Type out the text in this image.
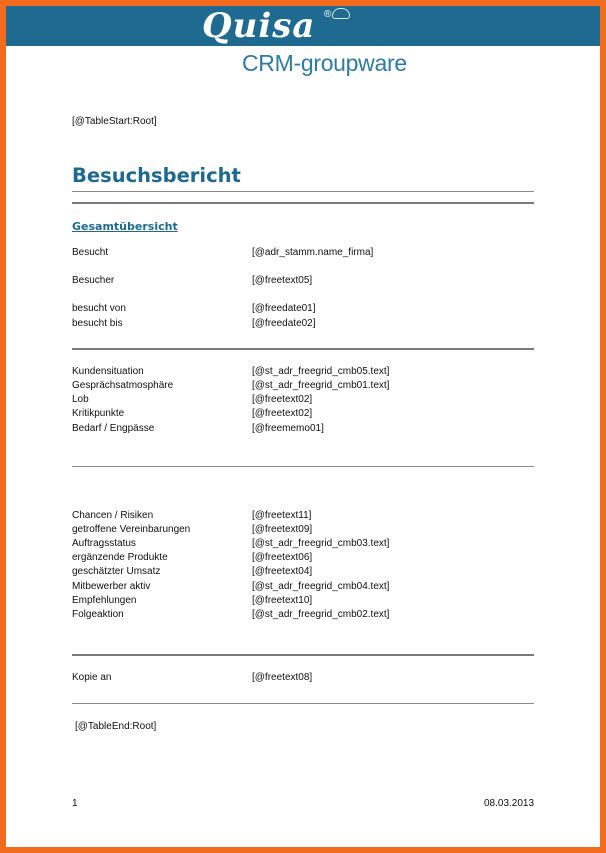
Quisa ®
CRM-groupware
[@TableStart:Root]
Besuchsbericht
Gesamtübersicht
Besucht	[@adr_stamm.name_firma]
Besucher	[@freetext05]
besucht von	[@freedate01]
besucht bis	[@freedate02]
Kundensituation	[@st_adr_freegrid_cmb05.text]
Gesprächsatmosphäre	[@st_adr_freegrid_cmb01.text]
Lob	[@freetext02]
Kritikpunkte	[@freetext02]
Bedarf / Engpässe	[@freememo01]
Chancen / Risiken	[@freetext11]
getroffene Vereinbarungen	[@freetext09]
Auftragsstatus	[@st_adr_freegrid_cmb03.text]
ergänzende Produkte	[@freetext06]
geschätzter Umsatz	[@freetext04]
Mitbewerber aktiv	[@st_adr_freegrid_cmb04.text]
Empfehlungen	[@freetext10]
Folgeaktion	[@st_adr_freegrid_cmb02.text]
Kopie an	[@freetext08]
[@TableEnd:Root]
1	08.03.2013
